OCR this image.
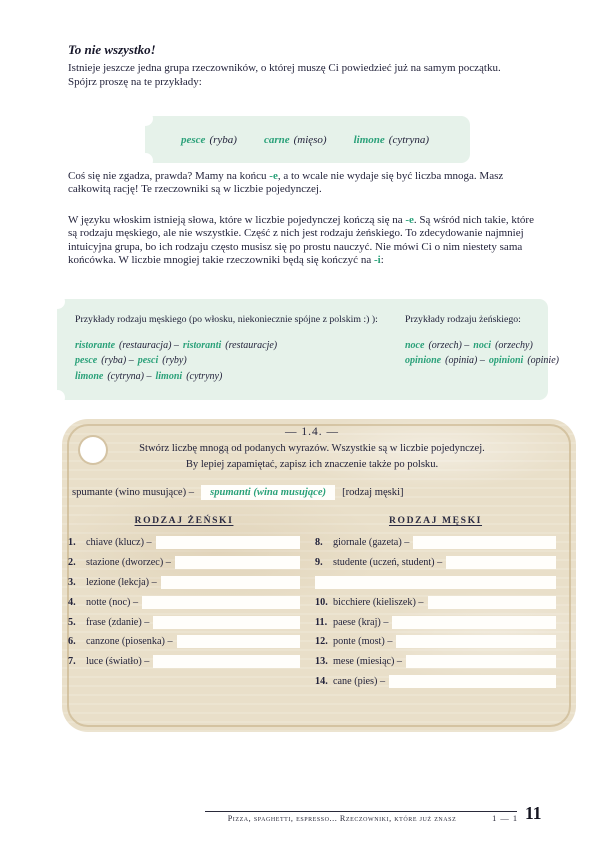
To nie wszystko!
Istnieje jeszcze jedna grupa rzeczowników, o której muszę Ci powiedzieć już na samym początku. Spójrz proszę na te przykłady:
pesce (ryba) carne (mięso) limone (cytryna)
Coś się nie zgadza, prawda? Mamy na końcu -e, a to wcale nie wydaje się być liczba mnoga. Masz całkowitą rację! Te rzeczowniki są w liczbie pojedynczej.
W języku włoskim istnieją słowa, które w liczbie pojedynczej kończą się na -e. Są wśród nich takie, które są rodzaju męskiego, ale nie wszystkie. Część z nich jest rodzaju żeńskiego. To zdecydowanie najmniej intuicyjna grupa, bo ich rodzaju często musisz się po prostu nauczyć. Nie mówi Ci o nim niestety sama końcówka. W liczbie mnogiej takie rzeczowniki będą się kończyć na -i:
Przykłady rodzaju męskiego (po włosku, niekoniecznie spójne z polskim :) ):
ristorante (restauracja) – ristoranti (restauracje)
pesce (ryba) – pesci (ryby)
limone (cytryna) – limoni (cytryny)
Przykłady rodzaju żeńskiego:
noce (orzech) – noci (orzechy)
opinione (opinia) – opinioni (opinie)
— 1.4. —
Stwórz liczbę mnogą od podanych wyrazów. Wszystkie są w liczbie pojedynczej.
By lepiej zapamiętać, zapisz ich znaczenie także po polsku.
spumante (wino musujące) –	spumanti (wina musujące)	[rodzaj męski]
RODZAJ ŻEŃSKI
1.	chiave (klucz) –
2.	stazione (dworzec) –
3.	lezione (lekcja) –
4.	notte (noc) –
5.	frase (zdanie) –
6.	canzone (piosenka) –
7.	luce (światło) –
RODZAJ MĘSKI
8.	giornale (gazeta) –
9.	studente (uczeń, student) –
10. bicchiere (kieliszek) –
11. paese (kraj) –
12. ponte (most) –
13. mese (miesiąc) –
14. cane (pies) –
Pizza, spaghetti, espresso... Rzeczowniki, które już znasz	1 — 1 11
